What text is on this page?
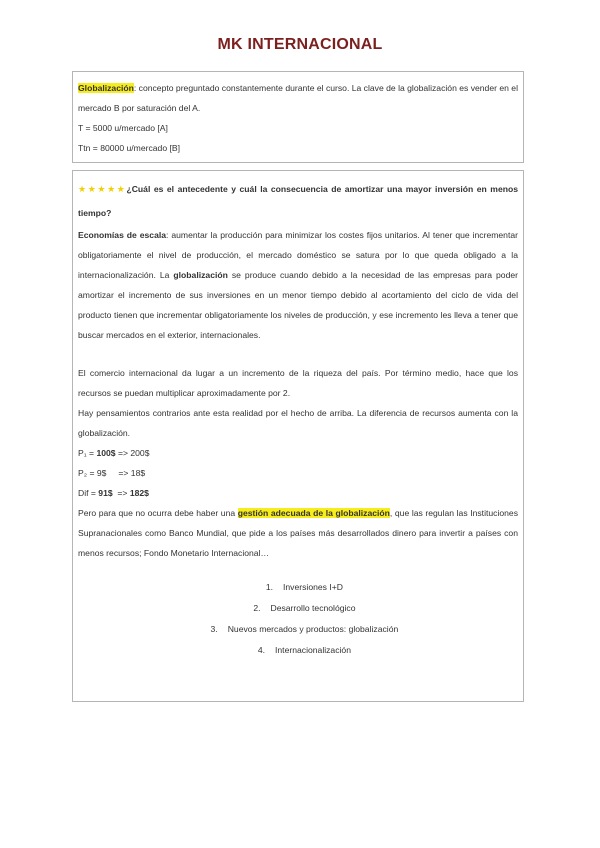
MK INTERNACIONAL

Globalización: concepto preguntado constantemente durante el curso. La clave de la globalización es vender en el mercado B por saturación del A.

T = 5000 u/mercado [A]

Ttn = 80000 u/mercado [B]

★★★★★¿Cuál es el antecedente y cuál la consecuencia de amortizar una mayor inversión en menos tiempo?

Economías de escala: aumentar la producción para minimizar los costes fijos unitarios. Al tener que incrementar obligatoriamente el nivel de producción, el mercado doméstico se satura por lo que queda obligado a la internacionalización. La globalización se produce cuando debido a la necesidad de las empresas para poder amortizar el incremento de sus inversiones en un menor tiempo debido al acortamiento del ciclo de vida del producto tienen que incrementar obligatoriamente los niveles de producción, y ese incremento les lleva a tener que buscar mercados en el exterior, internacionales.

El comercio internacional da lugar a un incremento de la riqueza del país. Por término medio, hace que los recursos se puedan multiplicar aproximadamente por 2.

Hay pensamientos contrarios ante esta realidad por el hecho de arriba. La diferencia de recursos aumenta con la globalización.

P₁ = 100$ => 200$

P₂ = 9$     => 18$

Dif = 91$  => 182$

Pero para que no ocurra debe haber una gestión adecuada de la globalización, que las regulan las Instituciones Supranacionales como Banco Mundial, que pide a los países más desarrollados dinero para invertir a países con menos recursos; Fondo Monetario Internacional…

1. Inversiones I+D
2. Desarrollo tecnológico
3. Nuevos mercados y productos: globalización
4. Internacionalización
